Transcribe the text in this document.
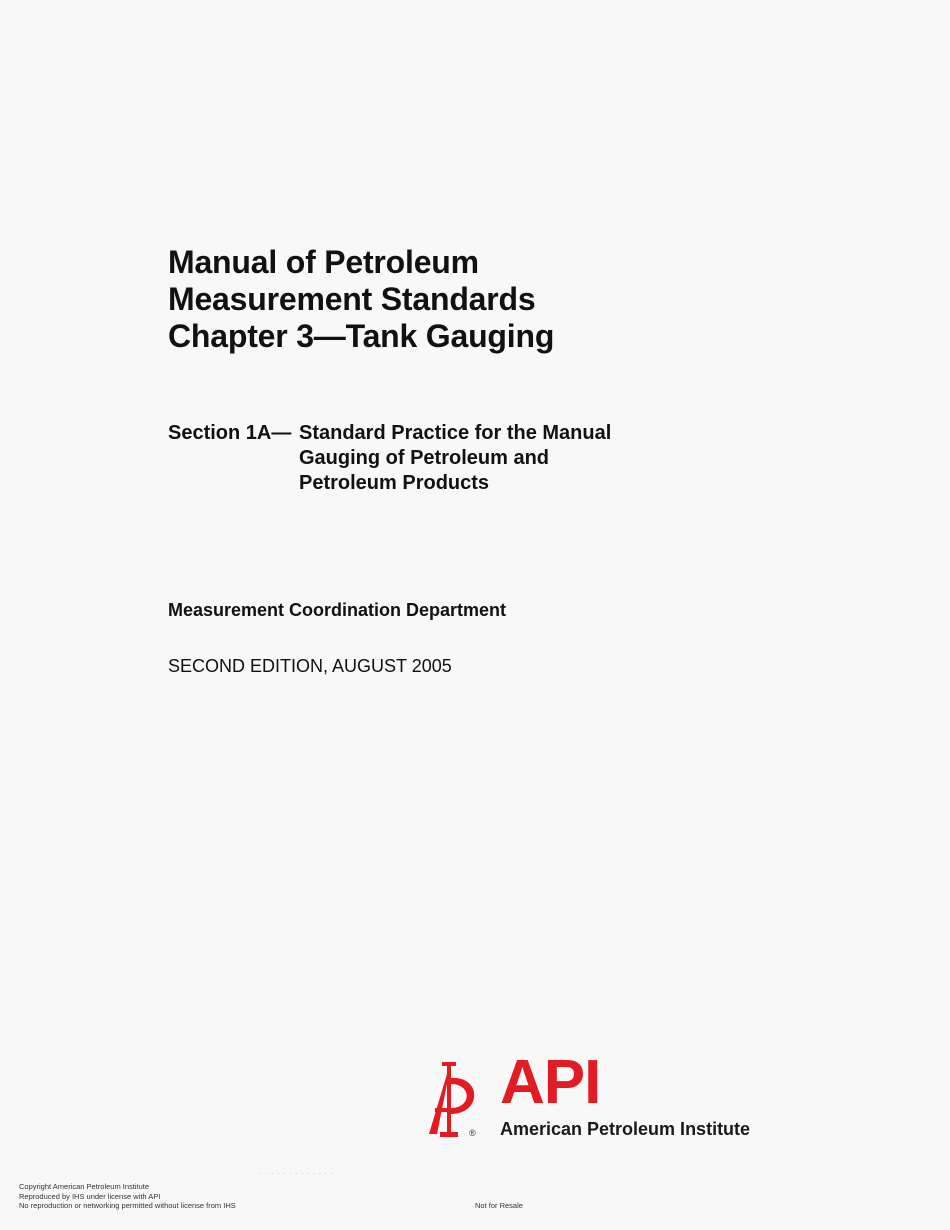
Manual of Petroleum
Measurement Standards
Chapter 3—Tank Gauging
Section 1A— Standard Practice for the Manual
Gauging of Petroleum and
Petroleum Products
Measurement Coordination Department
SECOND EDITION, AUGUST 2005
®
API
American Petroleum Institute
. . . . . . . . . . . . .
Copyright American Petroleum Institute
Reproduced by IHS under license with API
No reproduction or networking permitted without license from IHS	Not for Resale
